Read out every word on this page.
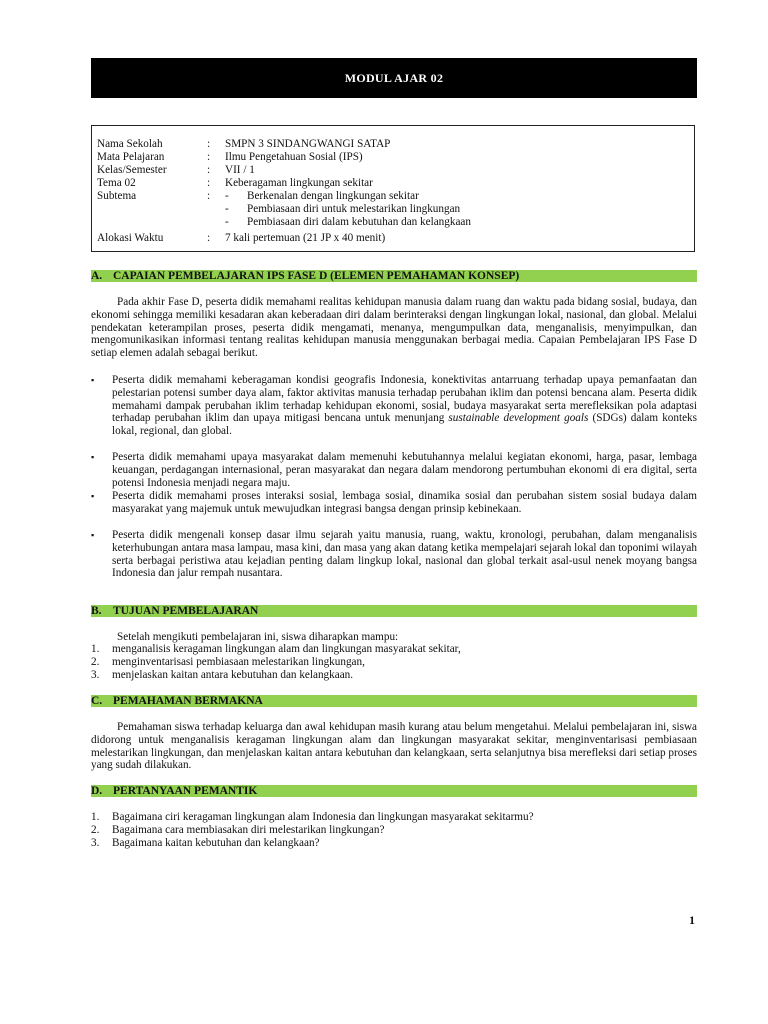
MODUL AJAR 02
Nama Sekolah	: SMPN 3 SINDANGWANGI SATAP
Mata Pelajaran	: Ilmu Pengetahuan Sosial (IPS)
Kelas/Semester	: VII / 1
Tema 02	: Keberagaman lingkungan sekitar
Subtema	: - Berkenalan dengan lingkungan sekitar
- Pembiasaan diri untuk melestarikan lingkungan
- Pembiasaan diri dalam kebutuhan dan kelangkaan
Alokasi Waktu	: 7 kali pertemuan (21 JP x 40 menit)
A. CAPAIAN PEMBELAJARAN IPS FASE D (ELEMEN PEMAHAMAN KONSEP)
Pada akhir Fase D, peserta didik memahami realitas kehidupan manusia dalam ruang dan waktu pada bidang sosial, budaya, dan ekonomi sehingga memiliki kesadaran akan keberadaan diri dalam berinteraksi dengan lingkungan lokal, nasional, dan global. Melalui pendekatan keterampilan proses, peserta didik mengamati, menanya, mengumpulkan data, menganalisis, menyimpulkan, dan mengomunikasikan informasi tentang realitas kehidupan manusia menggunakan berbagai media. Capaian Pembelajaran IPS Fase D setiap elemen adalah sebagai berikut.
▪ Peserta didik memahami keberagaman kondisi geografis Indonesia, konektivitas antarruang terhadap upaya pemanfaatan dan pelestarian potensi sumber daya alam, faktor aktivitas manusia terhadap perubahan iklim dan potensi bencana alam. Peserta didik memahami dampak perubahan iklim terhadap kehidupan ekonomi, sosial, budaya masyarakat serta merefleksikan pola adaptasi terhadap perubahan iklim dan upaya mitigasi bencana untuk menunjang sustainable development goals (SDGs) dalam konteks lokal, regional, dan global.
▪ Peserta didik memahami upaya masyarakat dalam memenuhi kebutuhannya melalui kegiatan ekonomi, harga, pasar, lembaga keuangan, perdagangan internasional, peran masyarakat dan negara dalam mendorong pertumbuhan ekonomi di era digital, serta potensi Indonesia menjadi negara maju.
▪ Peserta didik memahami proses interaksi sosial, lembaga sosial, dinamika sosial dan perubahan sistem sosial budaya dalam masyarakat yang majemuk untuk mewujudkan integrasi bangsa dengan prinsip kebinekaan.
▪ Peserta didik mengenali konsep dasar ilmu sejarah yaitu manusia, ruang, waktu, kronologi, perubahan, dalam menganalisis keterhubungan antara masa lampau, masa kini, dan masa yang akan datang ketika mempelajari sejarah lokal dan toponimi wilayah serta berbagai peristiwa atau kejadian penting dalam lingkup lokal, nasional dan global terkait asal-usul nenek moyang bangsa Indonesia dan jalur rempah nusantara.
B. TUJUAN PEMBELAJARAN
Setelah mengikuti pembelajaran ini, siswa diharapkan mampu:
1. menganalisis keragaman lingkungan alam dan lingkungan masyarakat sekitar,
2. menginventarisasi pembiasaan melestarikan lingkungan,
3. menjelaskan kaitan antara kebutuhan dan kelangkaan.
C. PEMAHAMAN BERMAKNA
Pemahaman siswa terhadap keluarga dan awal kehidupan masih kurang atau belum mengetahui. Melalui pembelajaran ini, siswa didorong untuk menganalisis keragaman lingkungan alam dan lingkungan masyarakat sekitar, menginventarisasi pembiasaan melestarikan lingkungan, dan menjelaskan kaitan antara kebutuhan dan kelangkaan, serta selanjutnya bisa merefleksi dari setiap proses yang sudah dilakukan.
D. PERTANYAAN PEMANTIK
1. Bagaimana ciri keragaman lingkungan alam Indonesia dan lingkungan masyarakat sekitarmu?
2. Bagaimana cara membiasakan diri melestarikan lingkungan?
3. Bagaimana kaitan kebutuhan dan kelangkaan?
1
